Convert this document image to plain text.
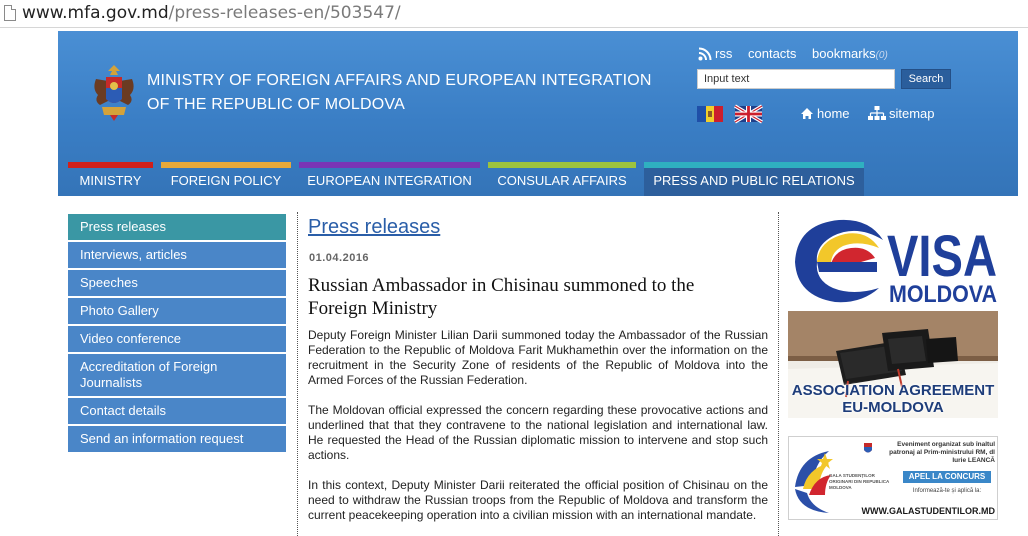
www.mfa.gov.md/press-releases-en/503547/
MINISTRY OF FOREIGN AFFAIRS AND EUROPEAN INTEGRATION
OF THE REPUBLIC OF MOLDOVA
rss contacts bookmarks(0)
Input text	Search
home	sitemap
MINISTRY	FOREIGN POLICY	EUROPEAN INTEGRATION	CONSULAR AFFAIRS	PRESS AND PUBLIC RELATIONS
Press releases
Interviews, articles
Speeches
Photo Gallery
Video conference
Accreditation of Foreign Journalists
Contact details
Send an information request
Press releases
01.04.2016
Russian Ambassador in Chisinau summoned to the Foreign Ministry
Deputy Foreign Minister Lilian Darii summoned today the Ambassador of the Russian Federation to the Republic of Moldova Farit Mukhamethin over the information on the recruitment in the Security Zone of residents of the Republic of Moldova into the Armed Forces of the Russian Federation.
The Moldovan official expressed the concern regarding these provocative actions and underlined that that they contravene to the national legislation and international law. He requested the Head of the Russian diplomatic mission to intervene and stop such actions.
In this context, Deputy Minister Darii reiterated the official position of Chisinau on the need to withdraw the Russian troops from the Republic of Moldova and transform the current peacekeeping operation into a civilian mission with an international mandate.
VISA
MOLDOVA
ASSOCIATION AGREEMENT
EU-MOLDOVA
Eveniment organizat sub înaltul patronaj al Prim-ministrului RM, dl Iurie LEANCĂ
GALA STUDENȚILOR ORIGINARI DIN REPUBLICA MOLDOVA
APEL LA CONCURS
Informează-te și aplică la:
WWW.GALASTUDENTILOR.MD
